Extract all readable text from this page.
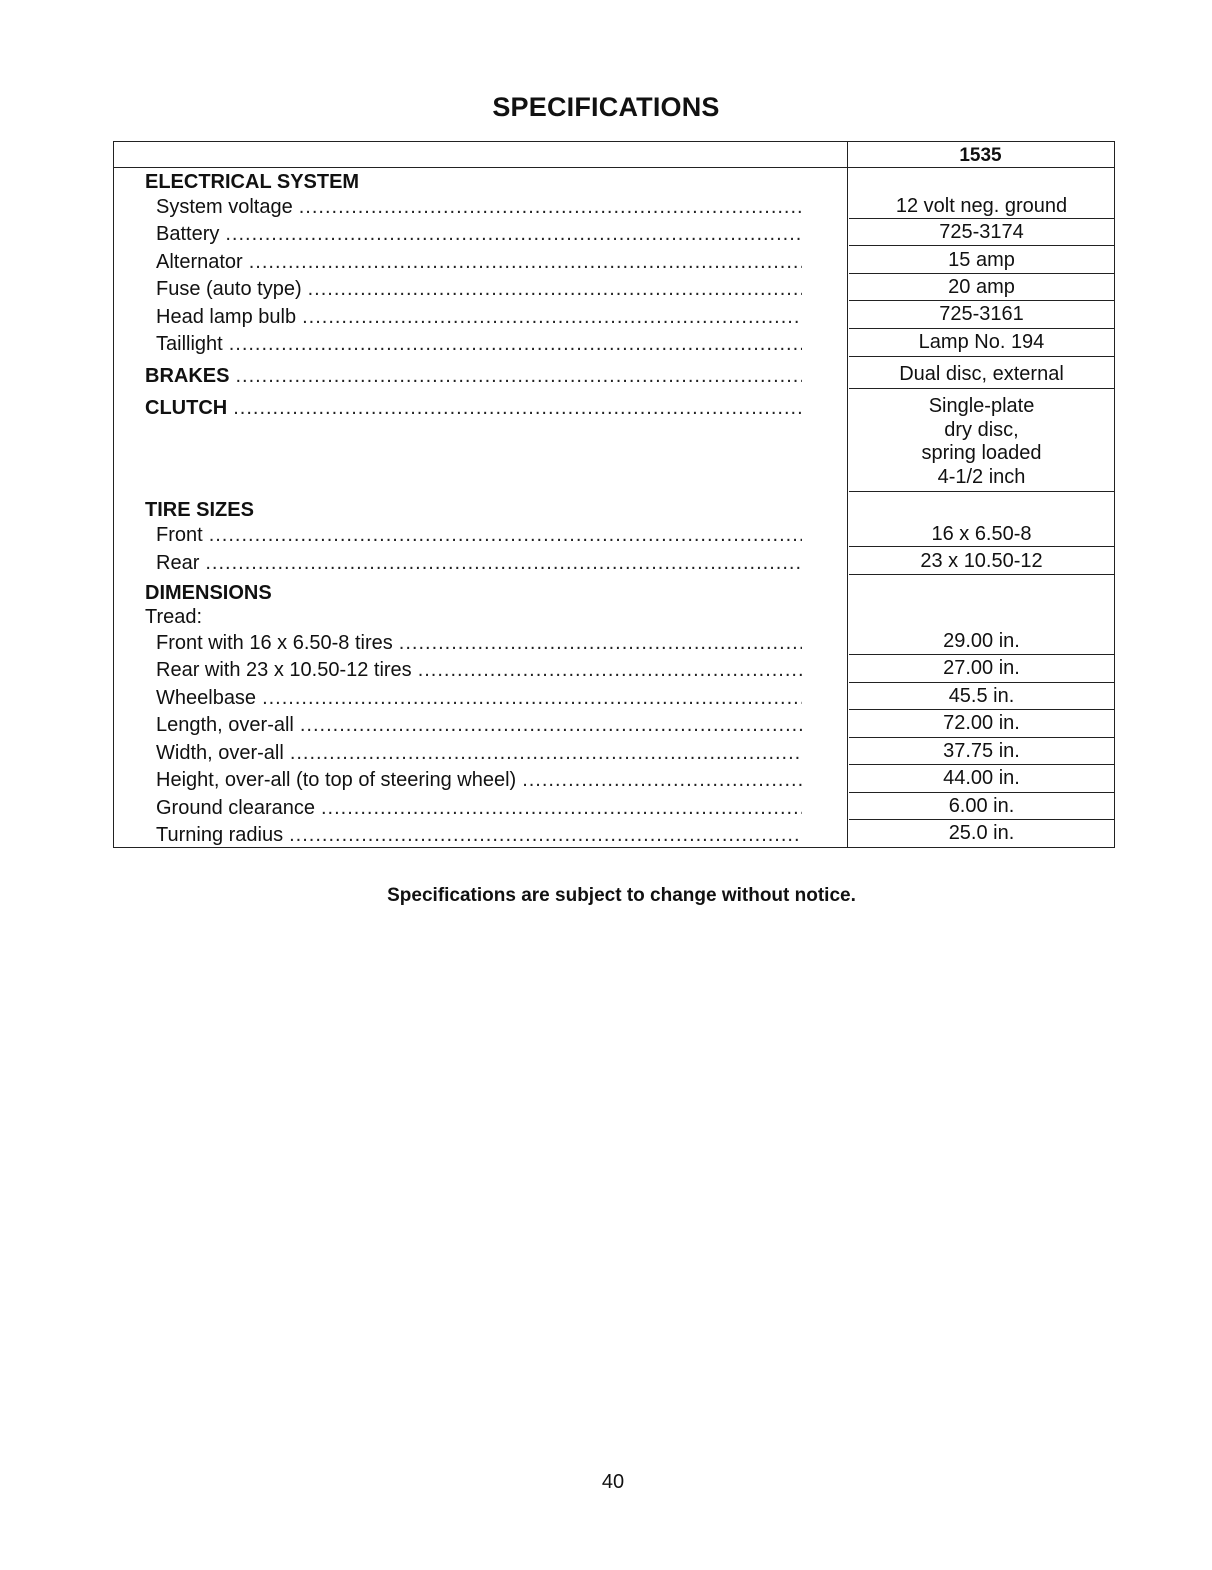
SPECIFICATIONS
1535
ELECTRICAL SYSTEM
System voltage .....	12 volt neg. ground
Battery .....	725-3174
Alternator .....	15 amp
Fuse (auto type) .....	20 amp
Head lamp bulb .....	725-3161
Taillight .....	Lamp No. 194
BRAKES .....	Dual disc, external
CLUTCH .....	Single-plate
dry disc,
spring loaded
4-1/2 inch
TIRE SIZES
Front .....	16 x 6.50-8
Rear .....	23 x 10.50-12
DIMENSIONS
Tread:
Front with 16 x 6.50-8 tires .....	29.00 in.
Rear with 23 x 10.50-12 tires .....	27.00 in.
Wheelbase .....	45.5 in.
Length, over-all .....	72.00 in.
Width, over-all .....	37.75 in.
Height, over-all (to top of steering wheel) .....	44.00 in.
Ground clearance .....	6.00 in.
Turning radius .....	25.0 in.
Specifications are subject to change without notice.
40
